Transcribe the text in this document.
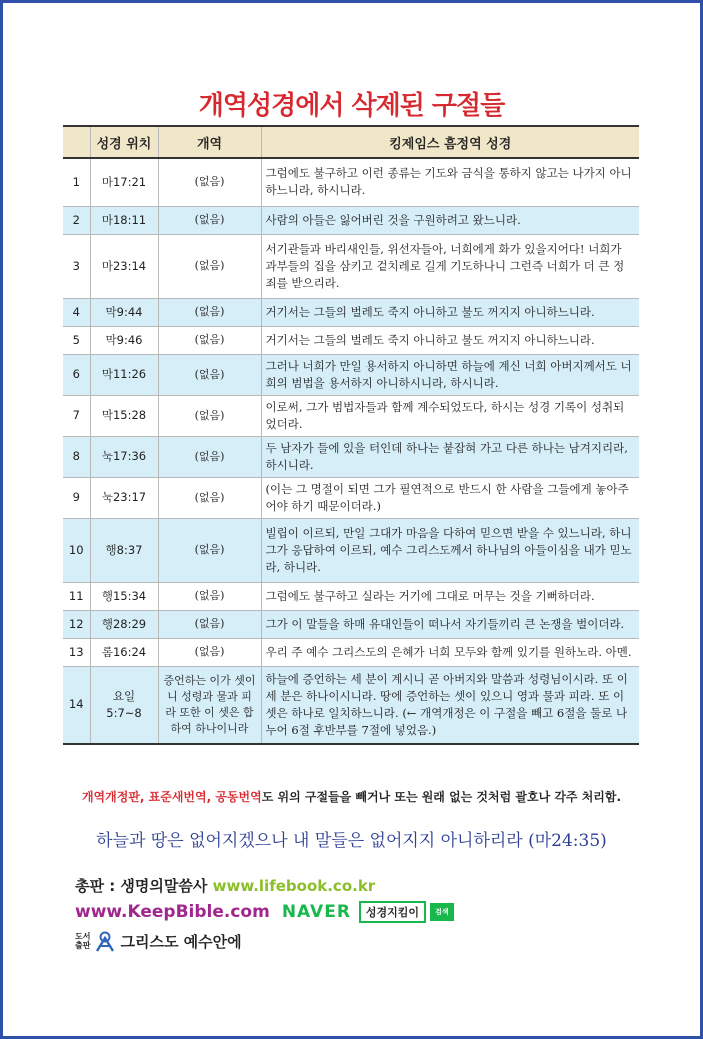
개역성경에서 삭제된 구절들
	성경 위치	개역	킹제임스 흠정역 성경
1	마17:21	(없음)	그럼에도 불구하고 이런 종류는 기도와 금식을 통하지 않고는 나가지 아니하느니라, 하시니라.
2	마18:11	(없음)	사람의 아들은 잃어버린 것을 구원하려고 왔느니라.
3	마23:14	(없음)	서기관들과 바리새인들, 위선자들아, 너희에게 화가 있을지어다! 너희가 과부들의 집을 삼키고 겉치레로 길게 기도하나니 그런즉 너희가 더 큰 정죄를 받으리라.
4	막9:44	(없음)	거기서는 그들의 벌레도 죽지 아니하고 불도 꺼지지 아니하느니라.
5	막9:46	(없음)	거기서는 그들의 벌레도 죽지 아니하고 불도 꺼지지 아니하느니라.
6	막11:26	(없음)	그러나 너희가 만일 용서하지 아니하면 하늘에 계신 너희 아버지께서도 너희의 범법을 용서하지 아니하시니라, 하시니라.
7	막15:28	(없음)	이로써, 그가 범법자들과 함께 계수되었도다, 하시는 성경 기록이 성취되었더라.
8	눅17:36	(없음)	두 남자가 들에 있을 터인데 하나는 붙잡혀 가고 다른 하나는 남겨지리라, 하시니라.
9	눅23:17	(없음)	(이는 그 명절이 되면 그가 필연적으로 반드시 한 사람을 그들에게 놓아주어야 하기 때문이더라.)
10	행8:37	(없음)	빌립이 이르되, 만일 그대가 마음을 다하여 믿으면 받을 수 있느니라, 하니 그가 응답하여 이르되, 예수 그리스도께서 하나님의 아들이심을 내가 믿노라, 하니라.
11	행15:34	(없음)	그럼에도 불구하고 실라는 거기에 그대로 머무는 것을 기뻐하더라.
12	행28:29	(없음)	그가 이 말들을 하매 유대인들이 떠나서 자기들끼리 큰 논쟁을 벌이더라.
13	롬16:24	(없음)	우리 주 예수 그리스도의 은혜가 너희 모두와 함께 있기를 원하노라. 아멘.
14	요일 5:7~8	증언하는 이가 셋이니 성령과 물과 피라 또한 이 셋은 합하여 하나이니라	하늘에 증언하는 세 분이 계시니 곧 아버지와 말씀과 성령님이시라. 또 이 세 분은 하나이시니라. 땅에 증언하는 셋이 있으니 영과 물과 피라. 또 이 셋은 하나로 일치하느니라. (← 개역개정은 이 구절을 빼고 6절을 둘로 나누어 6절 후반부를 7절에 넣었음.)
개역개정판, 표준새번역, 공동번역도 위의 구절들을 빼거나 또는 원래 없는 것처럼 괄호나 각주 처리함.
하늘과 땅은 없어지겠으나 내 말들은 없어지지 아니하리라 (마24:35)
총판 : 생명의말씀사 www.lifebook.co.kr
www.KeepBible.com NAVER	성경지킴이	검색
도서
출판 그리스도 예수안에
